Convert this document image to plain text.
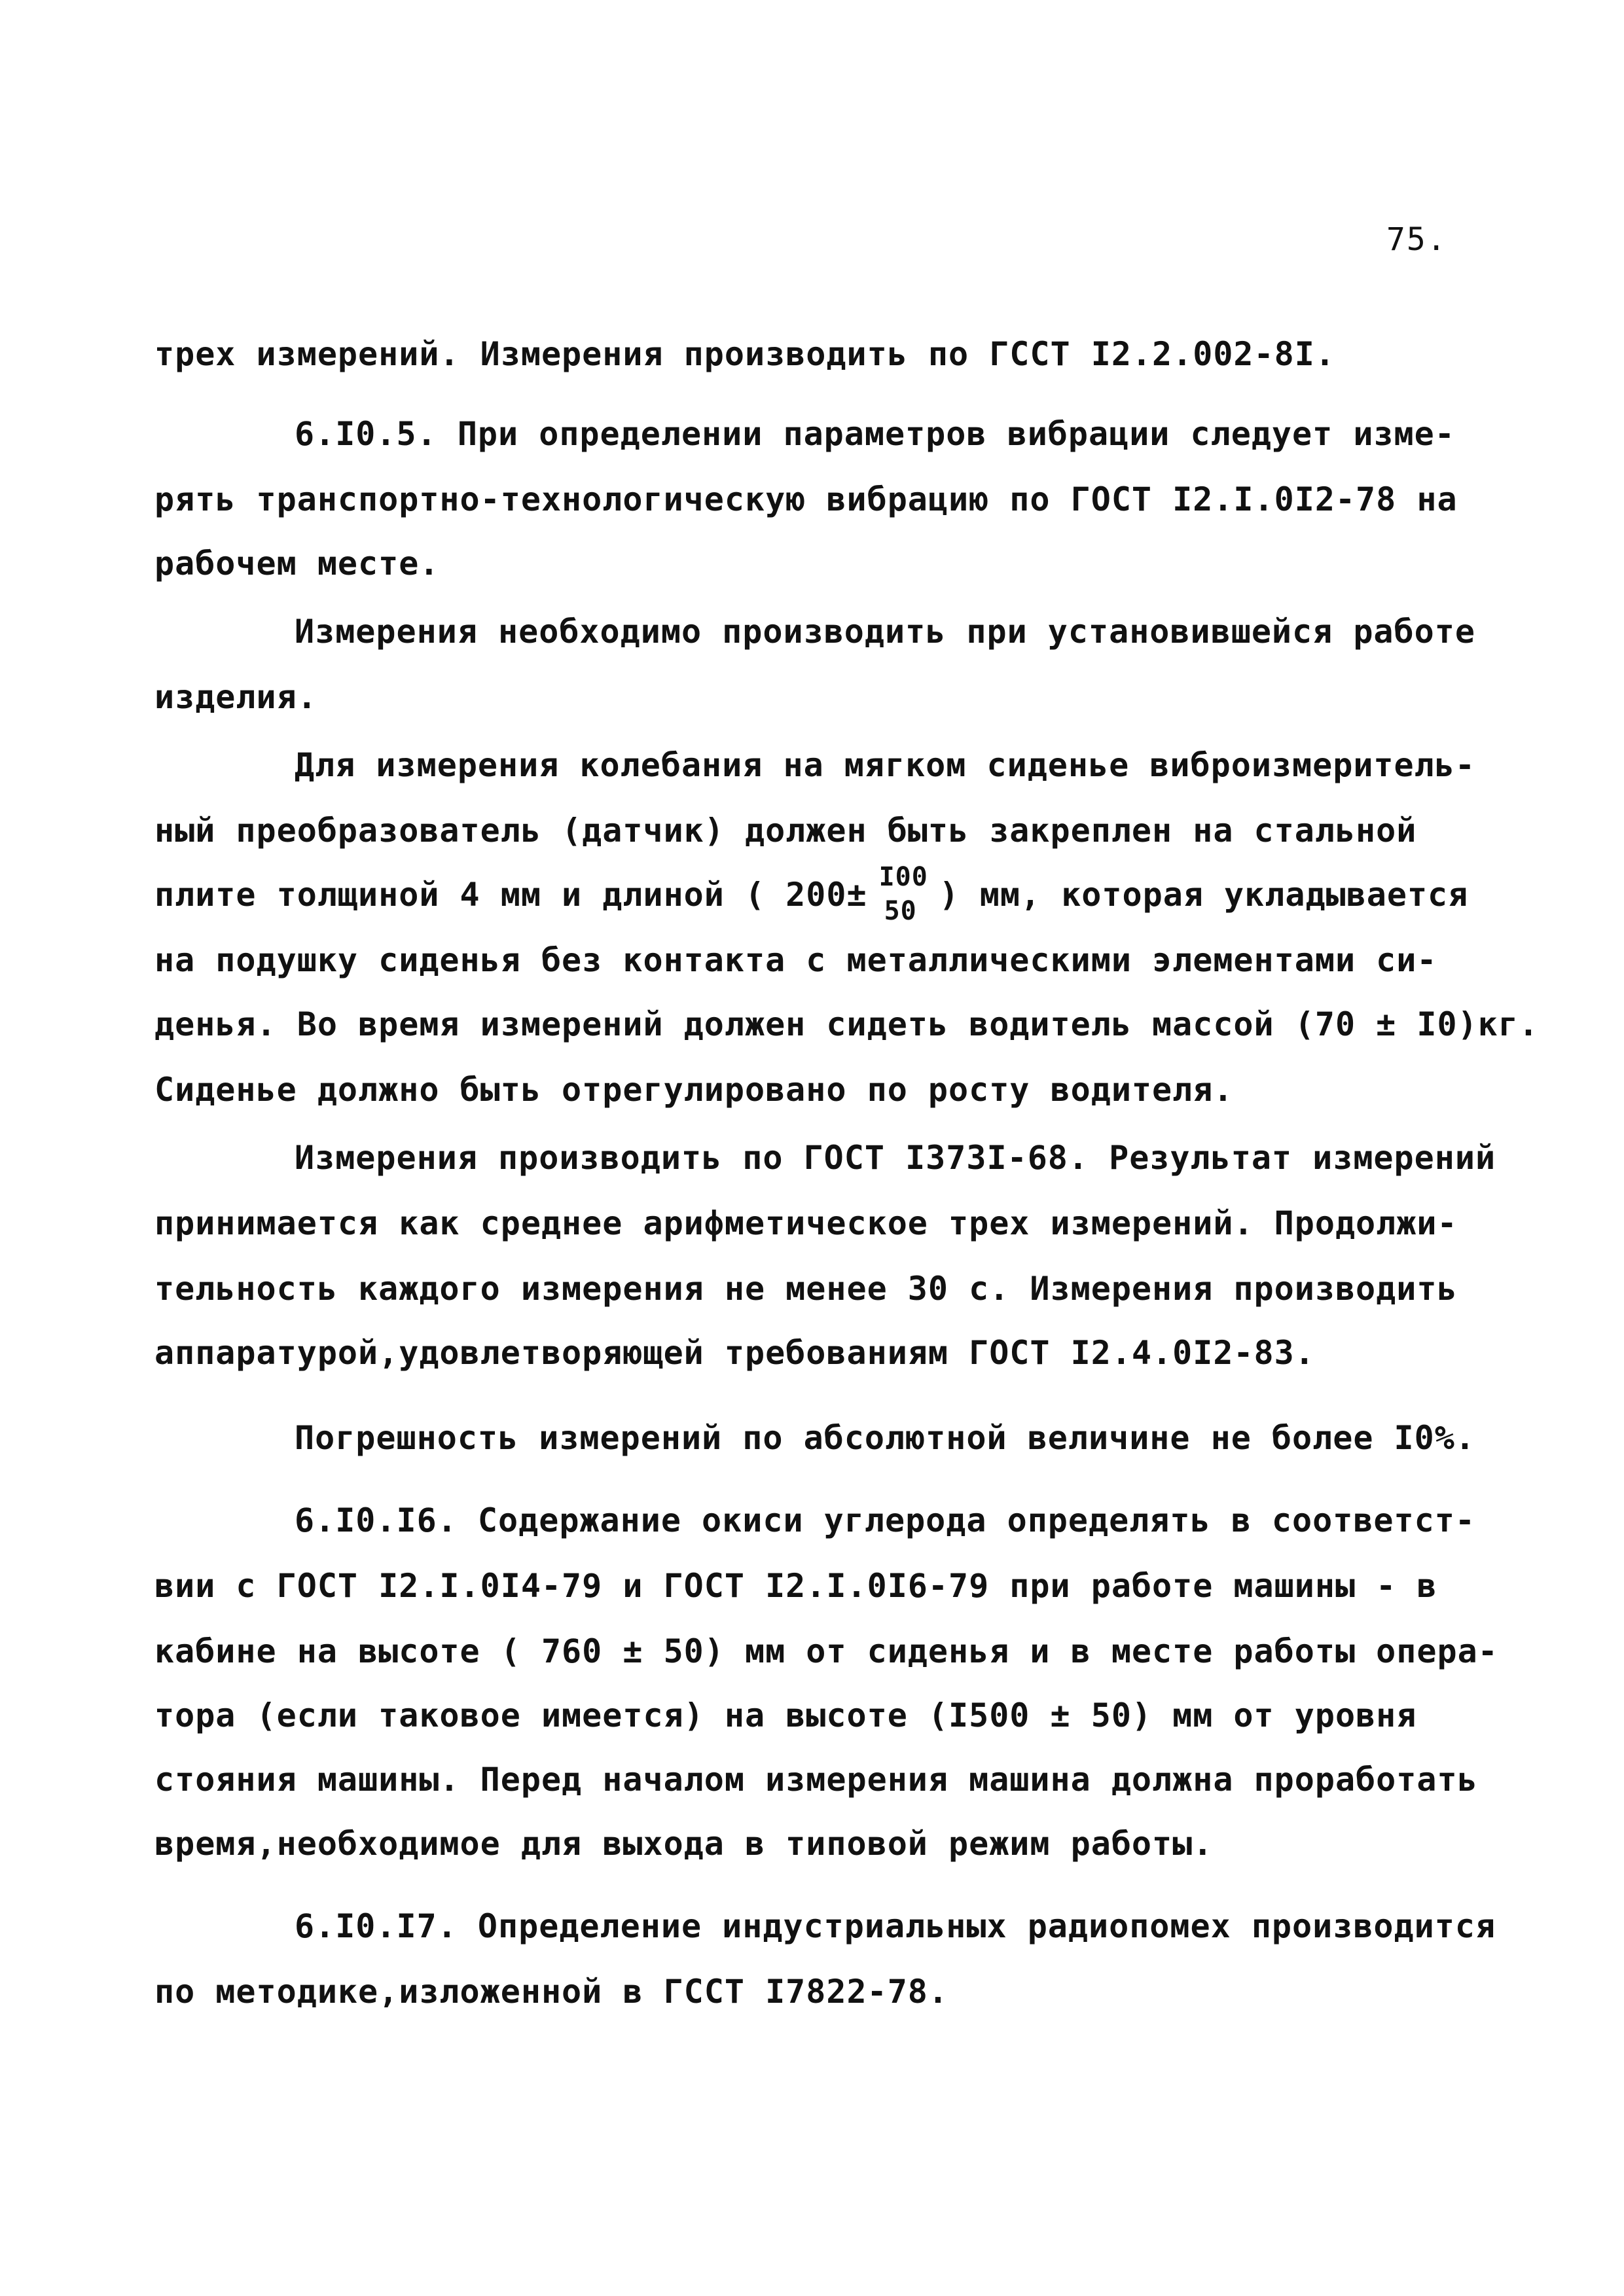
75.
трех измерений. Измерения производить по ГССТ I2.2.002-8I.
6.I0.5. При определении параметров вибрации следует изме-
рять транспортно-технологическую вибрацию по ГОСТ I2.I.0I2-78 на
рабочем месте.
Измерения необходимо производить при установившейся работе
изделия.
Для измерения колебания на мягком сиденье виброизмеритель-
ный преобразователь (датчик) должен быть закреплен на стальной
плите толщиной 4 мм и длиной ( 200± I00
50 ) мм, которая укладывается
на подушку сиденья без контакта с металлическими элементами си-
денья. Во время измерений должен сидеть водитель массой (70 ± I0)кг.
Сиденье должно быть отрегулировано по росту водителя.
Измерения производить по ГОСТ I373I-68. Результат измерений
принимается как среднее арифметическое трех измерений. Продолжи-
тельность каждого измерения не менее 30 с. Измерения производить
аппаратурой,удовлетворяющей требованиям ГОСТ I2.4.0I2-83.
Погрешность измерений по абсолютной величине не более I0%.
6.I0.I6. Содержание окиси углерода определять в соответст-
вии с ГОСТ I2.I.0I4-79 и ГОСТ I2.I.0I6-79 при работе машины - в
кабине на высоте ( 760 ± 50) мм от сиденья и в месте работы опера-
тора (если таковое имеется) на высоте (I500 ± 50) мм от уровня
стояния машины. Перед началом измерения машина должна проработать
время,необходимое для выхода в типовой режим работы.
6.I0.I7. Определение индустриальных радиопомех производится
по методике,изложенной в ГССТ I7822-78.
